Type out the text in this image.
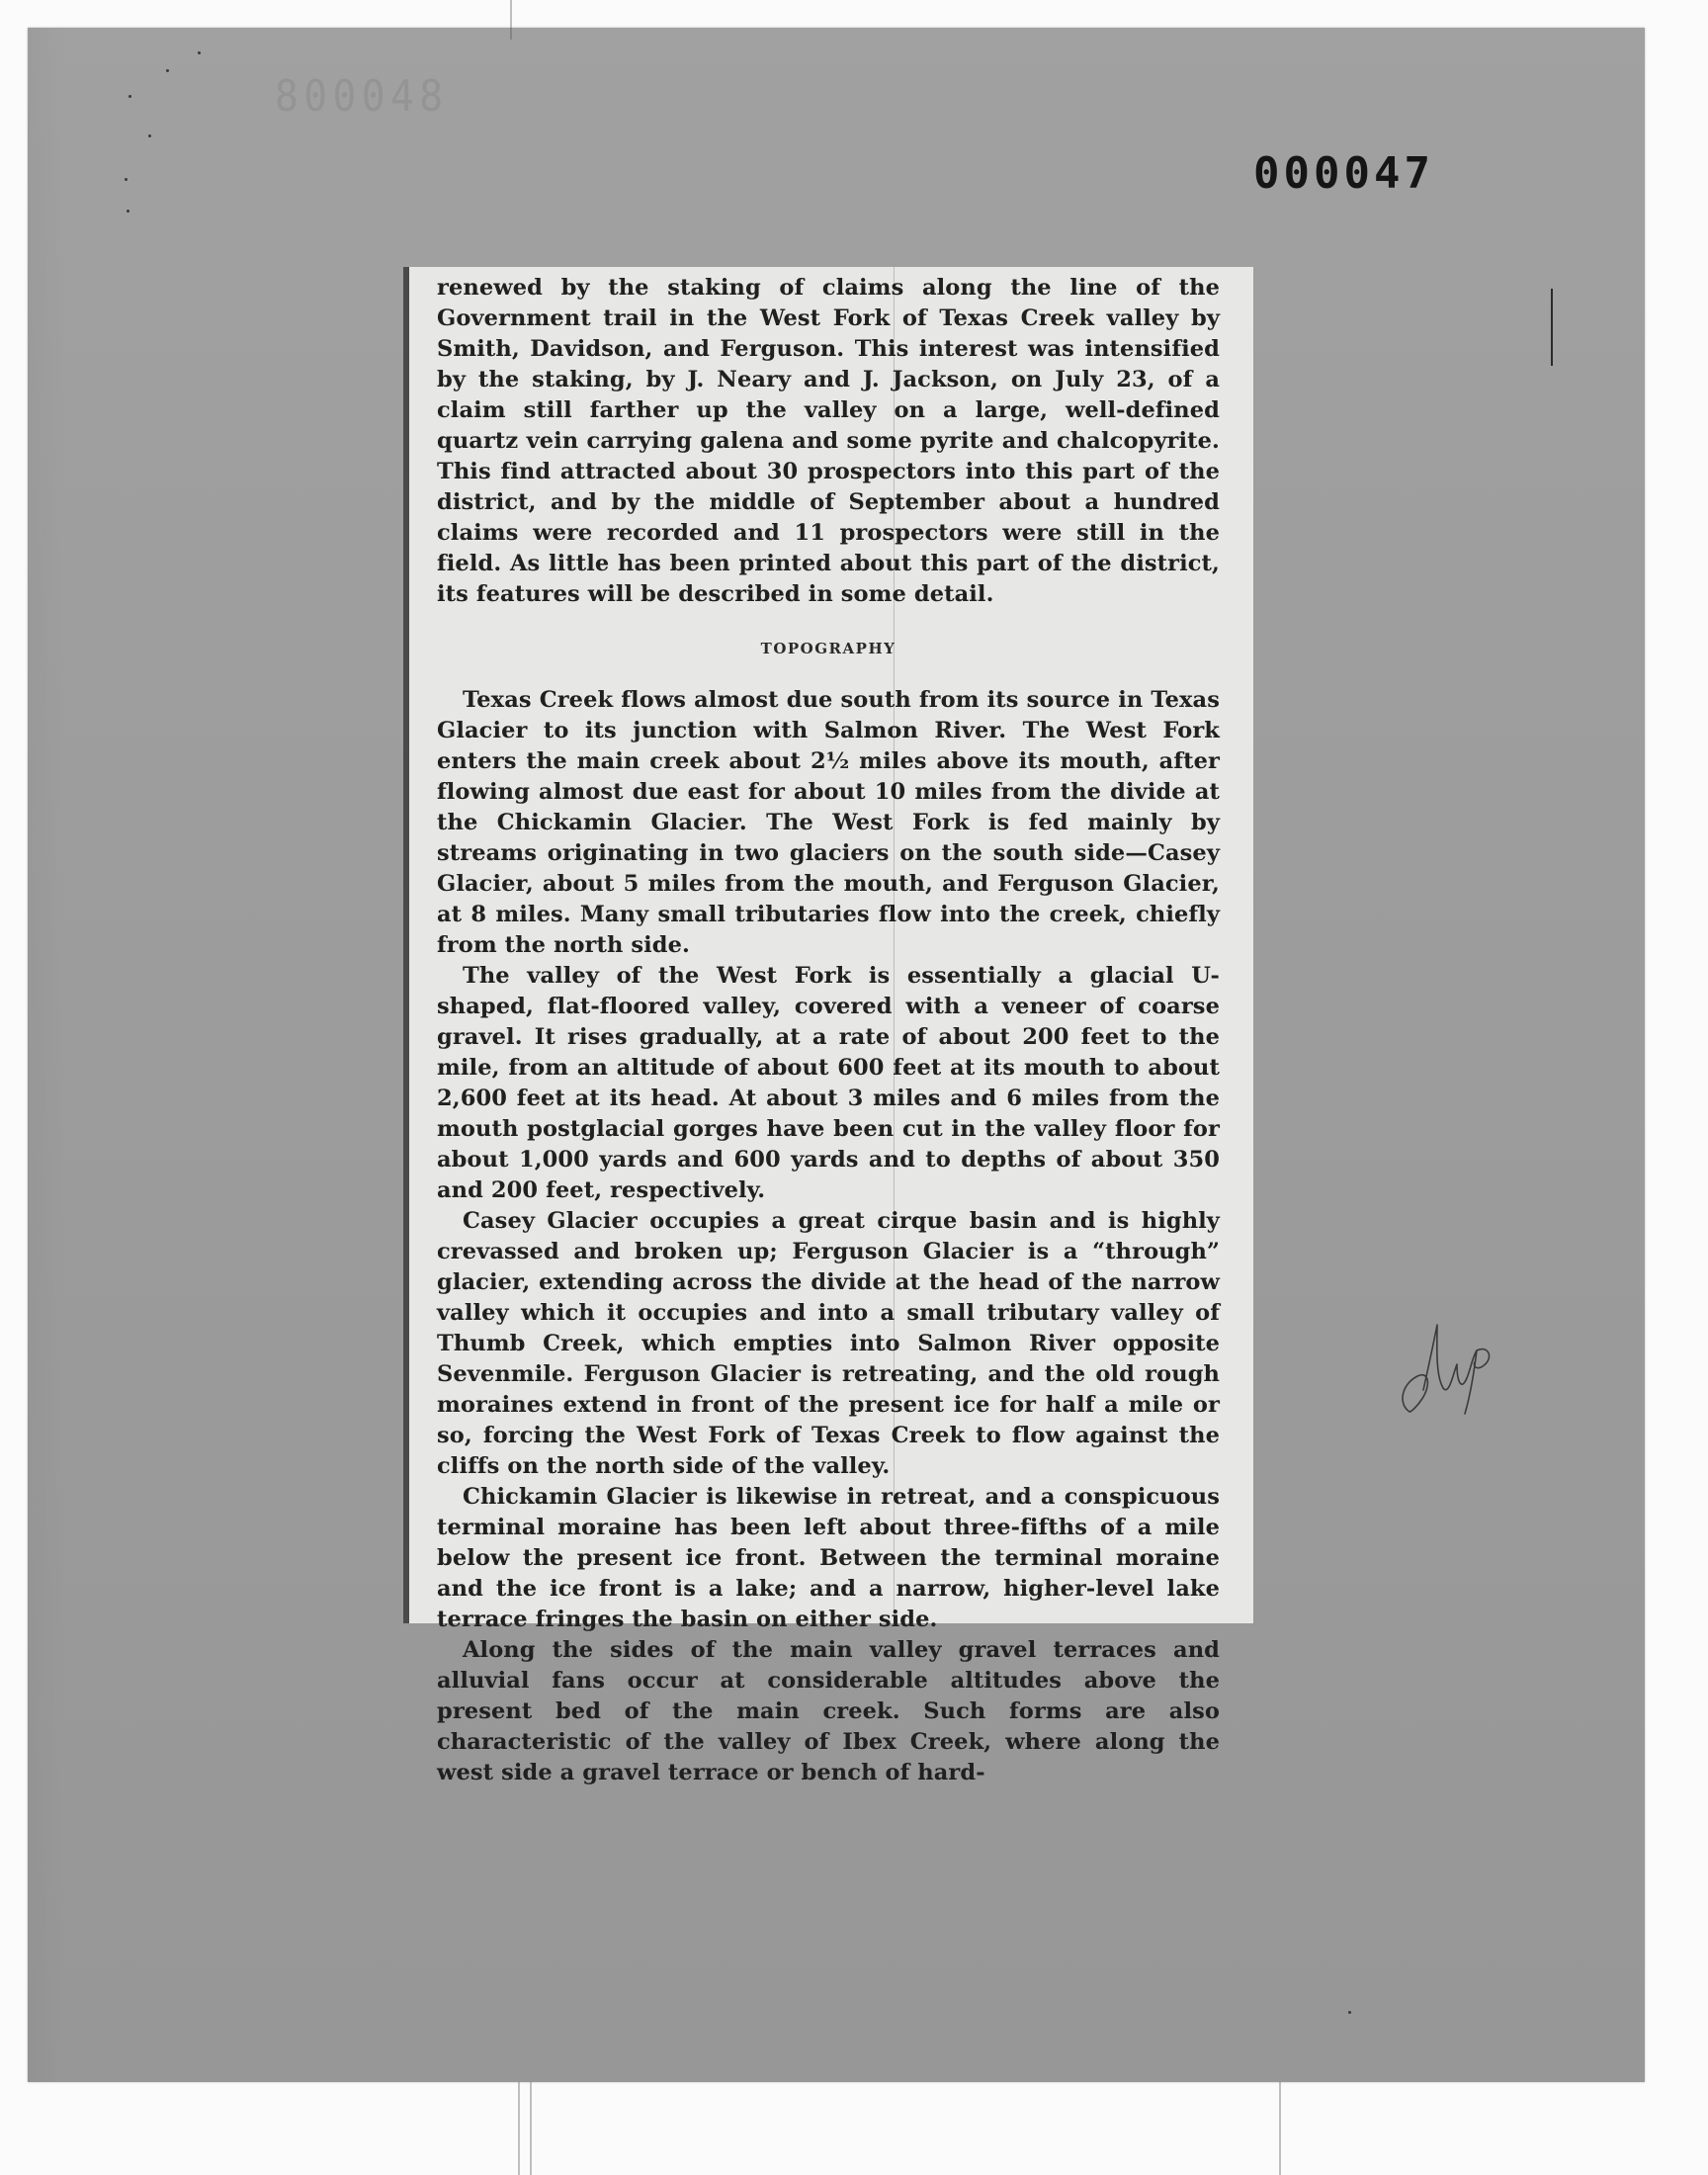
800048
000047

renewed by the staking of claims along the line of the Government trail in the West Fork of Texas Creek valley by Smith, Davidson, and Ferguson. This interest was intensified by the staking, by J. Neary and J. Jackson, on July 23, of a claim still farther up the valley on a large, well-defined quartz vein carrying galena and some pyrite and chalcopyrite. This find attracted about 30 prospectors into this part of the district, and by the middle of September about a hundred claims were recorded and 11 prospectors were still in the field. As little has been printed about this part of the district, its features will be described in some detail.

TOPOGRAPHY

Texas Creek flows almost due south from its source in Texas Glacier to its junction with Salmon River. The West Fork enters the main creek about 2½ miles above its mouth, after flowing almost due east for about 10 miles from the divide at the Chickamin Glacier. The West Fork is fed mainly by streams originating in two glaciers on the south side—Casey Glacier, about 5 miles from the mouth, and Ferguson Glacier, at 8 miles. Many small tributaries flow into the creek, chiefly from the north side.

The valley of the West Fork is essentially a glacial U-shaped, flat-floored valley, covered with a veneer of coarse gravel. It rises gradually, at a rate of about 200 feet to the mile, from an altitude of about 600 feet at its mouth to about 2,600 feet at its head. At about 3 miles and 6 miles from the mouth postglacial gorges have been cut in the valley floor for about 1,000 yards and 600 yards and to depths of about 350 and 200 feet, respectively.

Casey Glacier occupies a great cirque basin and is highly crevassed and broken up; Ferguson Glacier is a “through” glacier, extending across the divide at the head of the narrow valley which it occupies and into a small tributary valley of Thumb Creek, which empties into Salmon River opposite Sevenmile. Ferguson Glacier is retreating, and the old rough moraines extend in front of the present ice for half a mile or so, forcing the West Fork of Texas Creek to flow against the cliffs on the north side of the valley.

Chickamin Glacier is likewise in retreat, and a conspicuous terminal moraine has been left about three-fifths of a mile below the present ice front. Between the terminal moraine and the ice front is a lake; and a narrow, higher-level lake terrace fringes the basin on either side.

Along the sides of the main valley gravel terraces and alluvial fans occur at considerable altitudes above the present bed of the main creek. Such forms are also characteristic of the valley of Ibex Creek, where along the west side a gravel terrace or bench of hard-
